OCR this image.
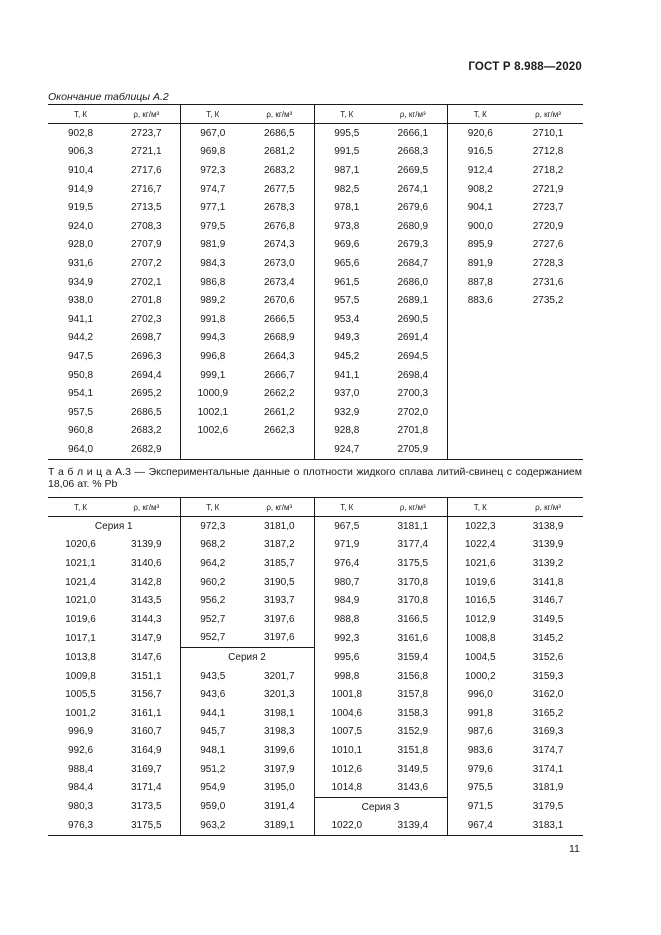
ГОСТ Р 8.988—2020
Окончание таблицы А.2
Т, К	ρ, кг/м³	Т, К	ρ, кг/м³	Т, К	ρ, кг/м³	Т, К	ρ, кг/м³
902,8	2723,7	967,0	2686,5	995,5	2666,1	920,6	2710,1
906,3	2721,1	969,8	2681,2	991,5	2668,3	916,5	2712,8
910,4	2717,6	972,3	2683,2	987,1	2669,5	912,4	2718,2
914,9	2716,7	974,7	2677,5	982,5	2674,1	908,2	2721,9
919,5	2713,5	977,1	2678,3	978,1	2679,6	904,1	2723,7
924,0	2708,3	979,5	2676,8	973,8	2680,9	900,0	2720,9
928,0	2707,9	981,9	2674,3	969,6	2679,3	895,9	2727,6
931,6	2707,2	984,3	2673,0	965,6	2684,7	891,9	2728,3
934,9	2702,1	986,8	2673,4	961,5	2686,0	887,8	2731,6
938,0	2701,8	989,2	2670,6	957,5	2689,1	883,6	2735,2
941,1	2702,3	991,8	2666,5	953,4	2690,5		
944,2	2698,7	994,3	2668,9	949,3	2691,4		
947,5	2696,3	996,8	2664,3	945,2	2694,5		
950,8	2694,4	999,1	2666,7	941,1	2698,4		
954,1	2695,2	1000,9	2662,2	937,0	2700,3		
957,5	2686,5	1002,1	2661,2	932,9	2702,0		
960,8	2683,2	1002,6	2662,3	928,8	2701,8		
964,0	2682,9			924,7	2705,9		
Т а б л и ц а А.3 — Экспериментальные данные о плотности жидкого сплава литий-свинец с содержанием 18,06 ат. % Pb
Т, К	ρ, кг/м³	Т, К	ρ, кг/м³	Т, К	ρ, кг/м³	Т, К	ρ, кг/м³
Серия 1		972,3	3181,0	967,5	3181,1	1022,3	3138,9
1020,6	3139,9	968,2	3187,2	971,9	3177,4	1022,4	3139,9
1021,1	3140,6	964,2	3185,7	976,4	3175,5	1021,6	3139,2
1021,4	3142,8	960,2	3190,5	980,7	3170,8	1019,6	3141,8
1021,0	3143,5	956,2	3193,7	984,9	3170,8	1016,5	3146,7
1019,6	3144,3	952,7	3197,6	988,8	3166,5	1012,9	3149,5
1017,1	3147,9	952,7	3197,6	992,3	3161,6	1008,8	3145,2
1013,8	3147,6	Серия 2		995,6	3159,4	1004,5	3152,6
1009,8	3151,1	943,5	3201,7	998,8	3156,8	1000,2	3159,3
1005,5	3156,7	943,6	3201,3	1001,8	3157,8	996,0	3162,0
1001,2	3161,1	944,1	3198,1	1004,6	3158,3	991,8	3165,2
996,9	3160,7	945,7	3198,3	1007,5	3152,9	987,6	3169,3
992,6	3164,9	948,1	3199,6	1010,1	3151,8	983,6	3174,7
988,4	3169,7	951,2	3197,9	1012,6	3149,5	979,6	3174,1
984,4	3171,4	954,9	3195,0	1014,8	3143,6	975,5	3181,9
980,3	3173,5	959,0	3191,4	Серия 3		971,5	3179,5
976,3	3175,5	963,2	3189,1	1022,0	3139,4	967,4	3183,1
11
